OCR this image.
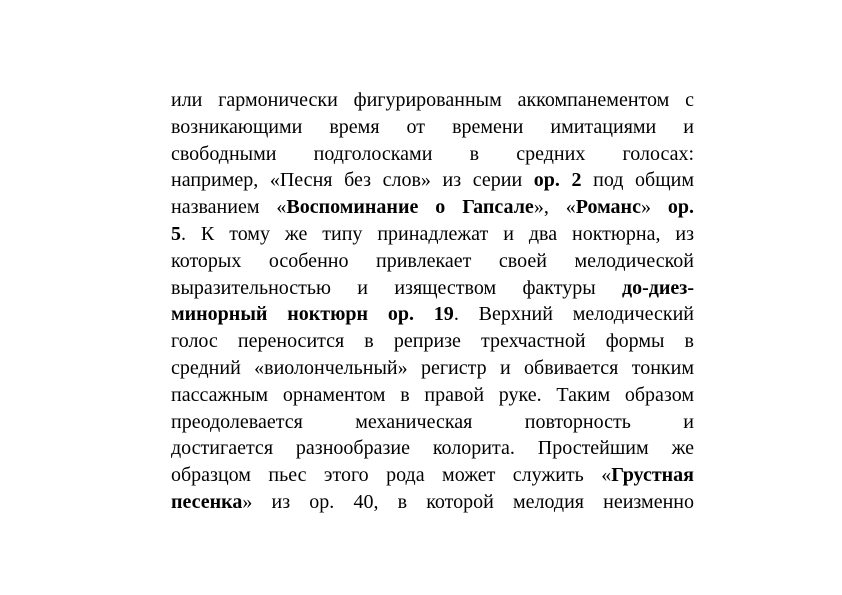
или гармонически фигурированным аккомпанементом с
возникающими время от времени имитациями и
свободными подголосками в средних голосах:
например, «Песня без слов» из серии ор. 2 под общим
названием «Воспоминание о Гапсале», «Романс» ор.
5. К тому же типу принадлежат и два ноктюрна, из
которых особенно привлекает своей мелодической
выразительностью и изяществом фактуры до-диез-
минорный ноктюрн ор. 19. Верхний мелодический
голос переносится в репризе трехчастной формы в
средний «виолончельный» регистр и обвивается тонким
пассажным орнаментом в правой руке. Таким образом
преодолевается механическая повторность и
достигается разнообразие колорита. Простейшим же
образцом пьес этого рода может служить «Грустная
песенка» из ор. 40, в которой мелодия неизменно
